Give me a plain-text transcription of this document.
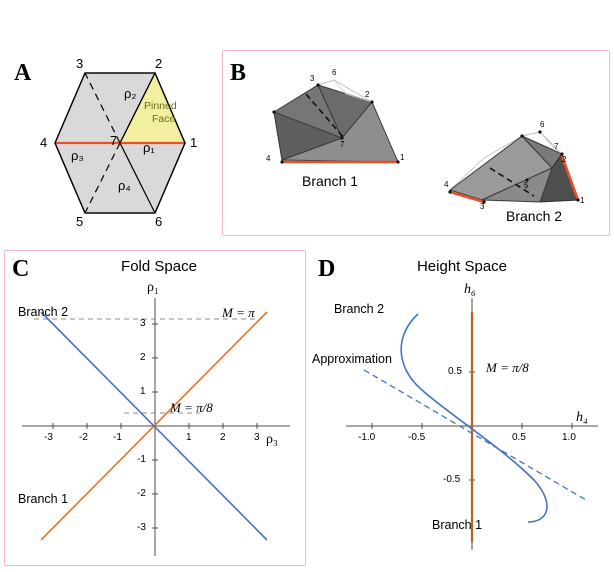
A
1
2
3
4
5	6
7 ρ₁
ρ₂
ρ₃
ρ₄
Pinned
Face
B	6
3
2
1
7
4
6
7
2
1
5
3
4
Branch 1
Branch 2
C	Fold Space
-3	-2	-1	1	2	3
3
2
1
-1
-2
-3
ρ₁
ρ₃
Branch 2
Branch 1
M = π
M = π/8
D	Height Space
-1.0	-0.5	0.5	1.0
0.5
-0.5
h₆
h₄
Branch 2
Approximation
M = π/8
Branch 1
